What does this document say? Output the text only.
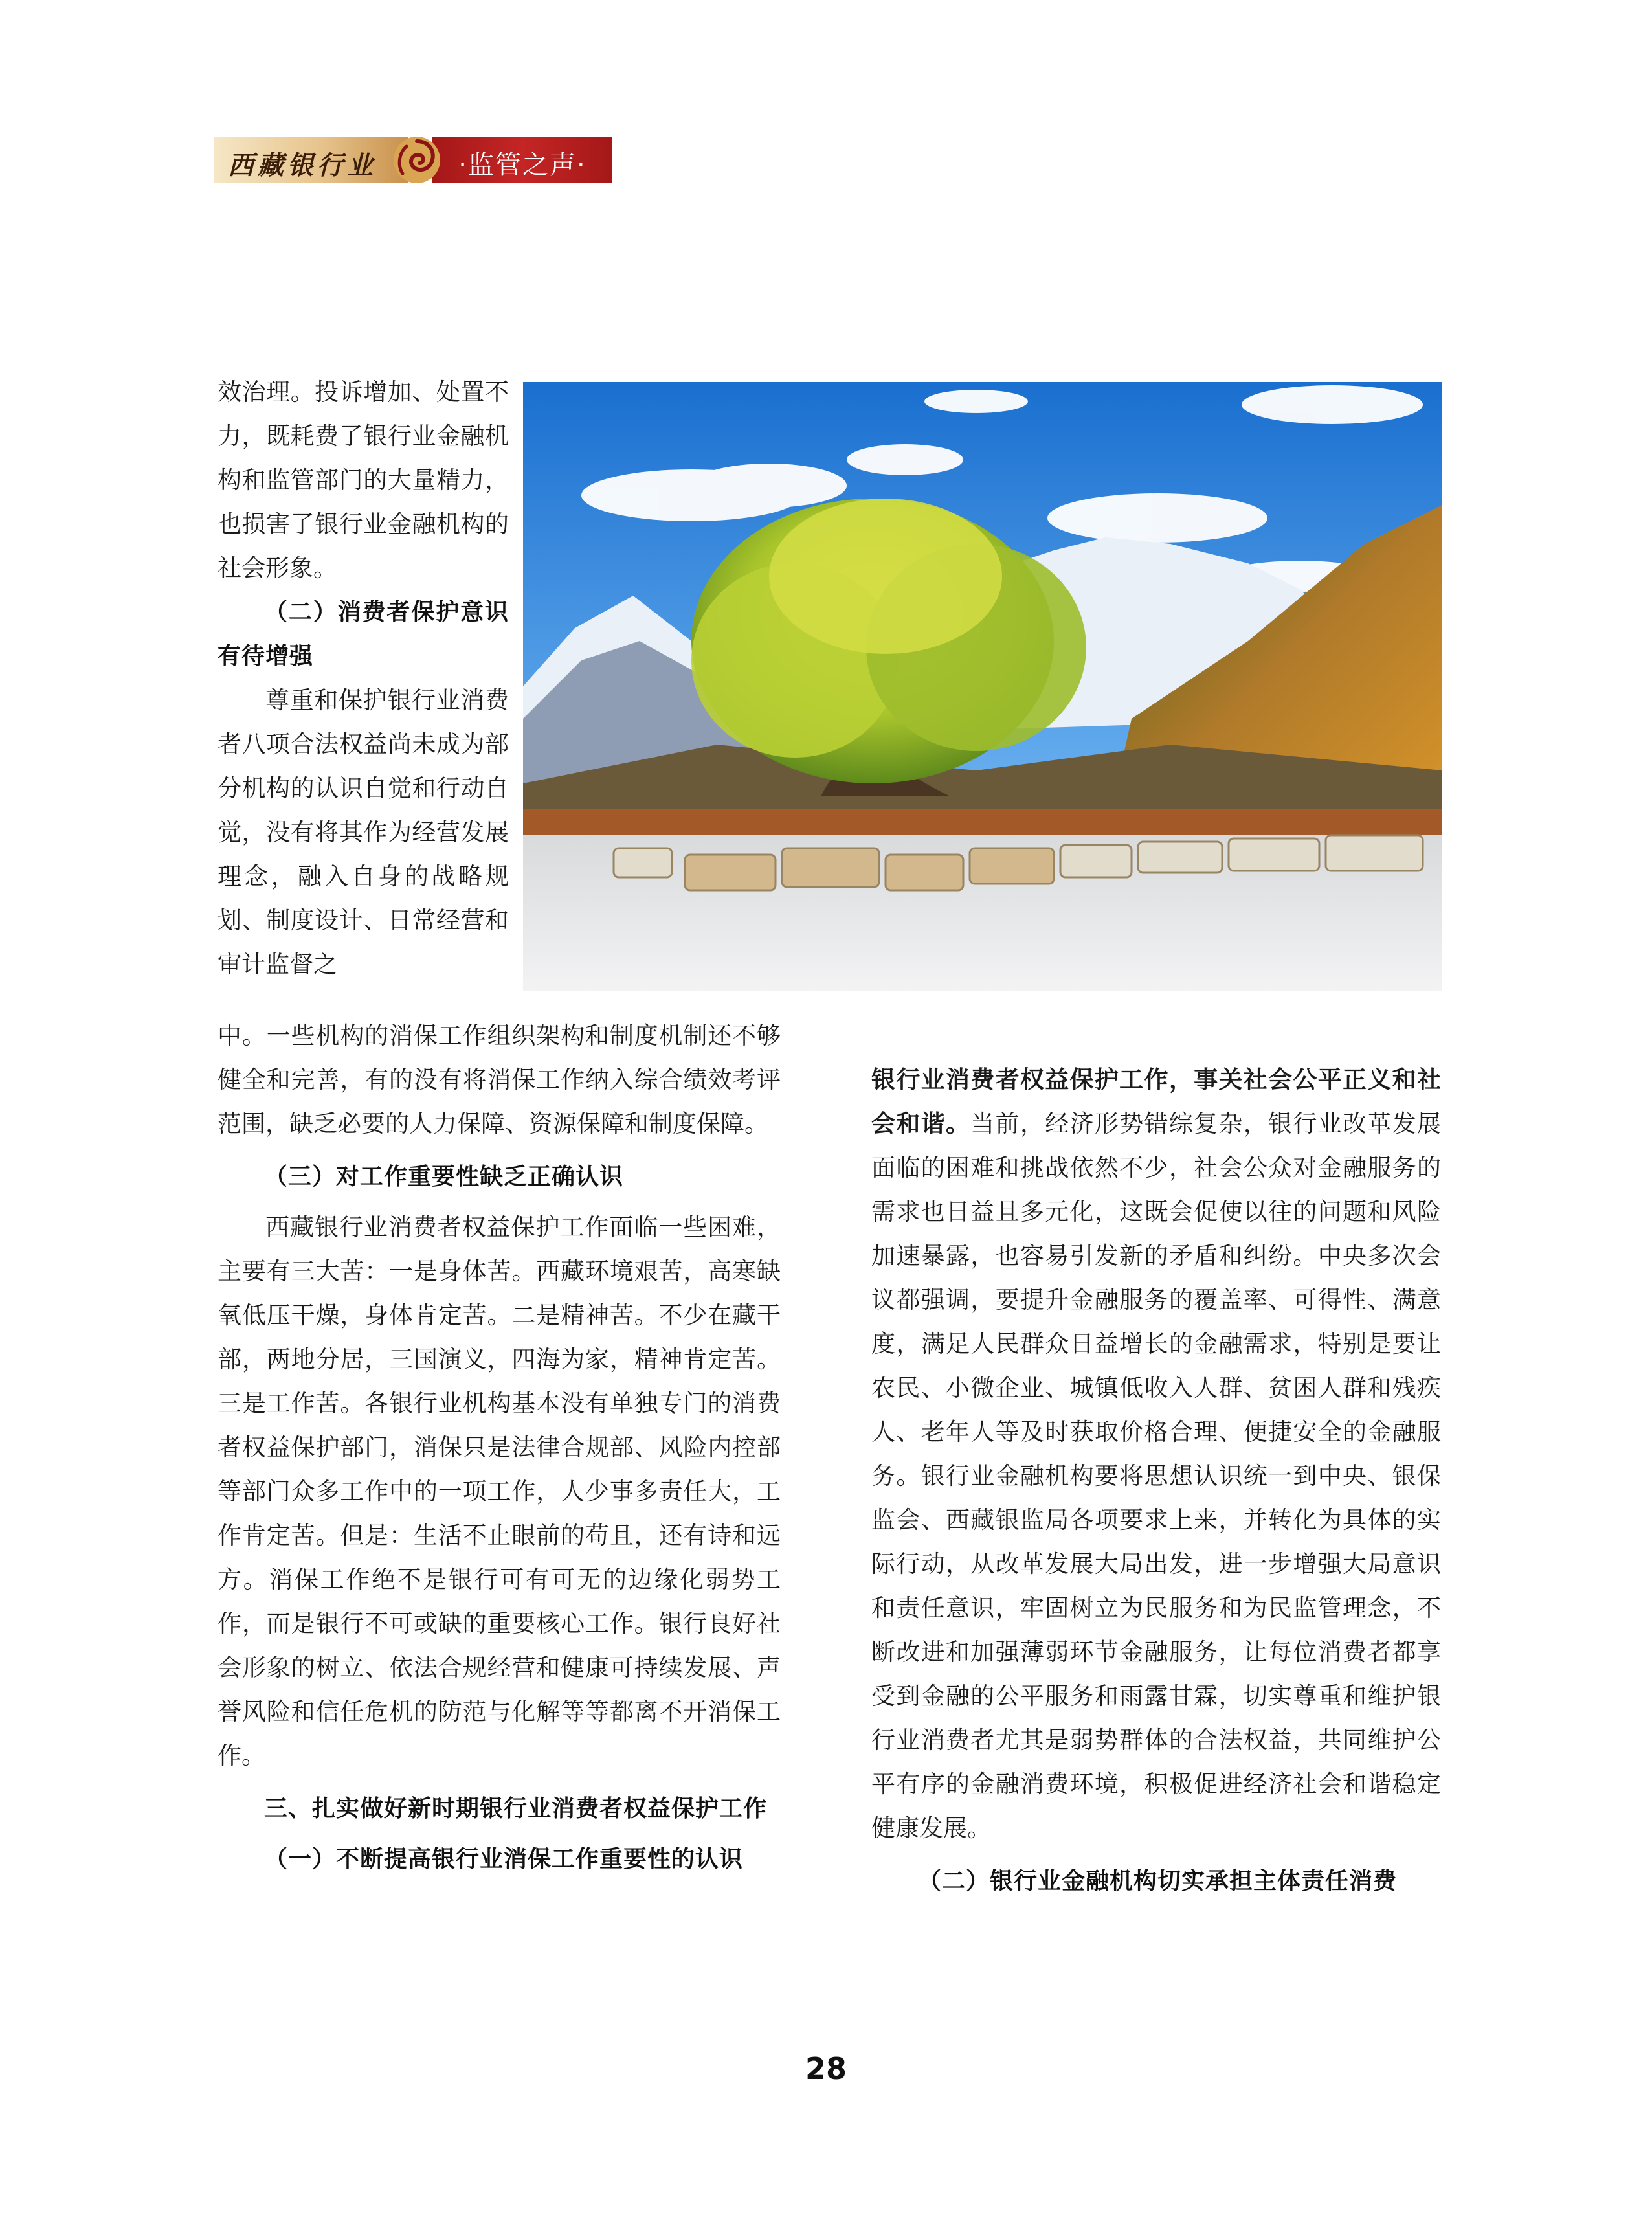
西藏银行业	·监管之声·

效治理。投诉增加、处置不力，既耗费了银行业金融机构和监管部门的大量精力，也损害了银行业金融机构的社会形象。

（二）消费者保护意识有待增强

尊重和保护银行业消费者八项合法权益尚未成为部分机构的认识自觉和行动自觉，没有将其作为经营发展理念，融入自身的战略规划、制度设计、日常经营和审计监督之

中。一些机构的消保工作组织架构和制度机制还不够健全和完善，有的没有将消保工作纳入综合绩效考评范围，缺乏必要的人力保障、资源保障和制度保障。

（三）对工作重要性缺乏正确认识

西藏银行业消费者权益保护工作面临一些困难，主要有三大苦：一是身体苦。西藏环境艰苦，高寒缺氧低压干燥，身体肯定苦。二是精神苦。不少在藏干部，两地分居，三国演义，四海为家，精神肯定苦。三是工作苦。各银行业机构基本没有单独专门的消费者权益保护部门，消保只是法律合规部、风险内控部等部门众多工作中的一项工作，人少事多责任大，工作肯定苦。但是：生活不止眼前的苟且，还有诗和远方。消保工作绝不是银行可有可无的边缘化弱势工作，而是银行不可或缺的重要核心工作。银行良好社会形象的树立、依法合规经营和健康可持续发展、声誉风险和信任危机的防范与化解等等都离不开消保工作。

三、扎实做好新时期银行业消费者权益保护工作

（一）不断提高银行业消保工作重要性的认识

银行业消费者权益保护工作，事关社会公平正义和社会和谐。当前，经济形势错综复杂，银行业改革发展面临的困难和挑战依然不少，社会公众对金融服务的需求也日益且多元化，这既会促使以往的问题和风险加速暴露，也容易引发新的矛盾和纠纷。中央多次会议都强调，要提升金融服务的覆盖率、可得性、满意度，满足人民群众日益增长的金融需求，特别是要让农民、小微企业、城镇低收入人群、贫困人群和残疾人、老年人等及时获取价格合理、便捷安全的金融服务。银行业金融机构要将思想认识统一到中央、银保监会、西藏银监局各项要求上来，并转化为具体的实际行动，从改革发展大局出发，进一步增强大局意识和责任意识，牢固树立为民服务和为民监管理念，不断改进和加强薄弱环节金融服务，让每位消费者都享受到金融的公平服务和雨露甘霖，切实尊重和维护银行业消费者尤其是弱势群体的合法权益，共同维护公平有序的金融消费环境，积极促进经济社会和谐稳定健康发展。

（二）银行业金融机构切实承担主体责任消费

28
